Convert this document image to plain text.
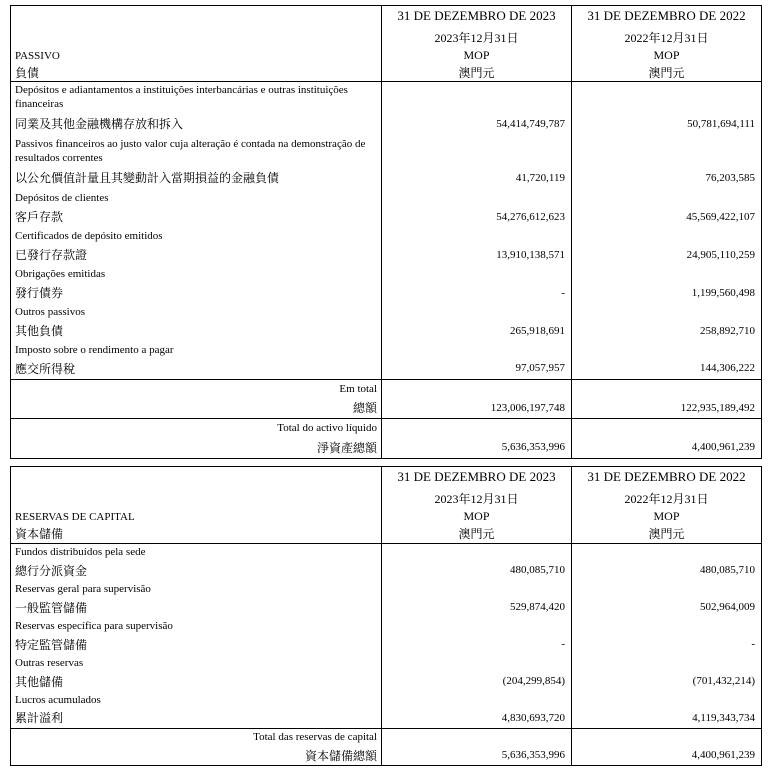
	31 DE DEZEMBRO DE 2023	31 DE DEZEMBRO DE 2022
	2023年12月31日	2022年12月31日
PASSIVO	MOP	MOP
負債	澳門元	澳門元
Depósitos e adiantamentos a instituições interbancárias e outras instituições financeiras		
同業及其他金融機構存放和拆入	54,414,749,787	50,781,694,111
Passivos financeiros ao justo valor cuja alteração é contada na demonstração de resultados correntes		
以公允價值計量且其變動計入當期損益的金融負債	41,720,119	76,203,585
Depósitos de clientes		
客戶存款	54,276,612,623	45,569,422,107
Certificados de depósito emitidos		
已發行存款證	13,910,138,571	24,905,110,259
Obrigações emitidas		
發行債券	-	1,199,560,498
Outros passivos		
其他負債	265,918,691	258,892,710
Imposto sobre o rendimento a pagar		
應交所得稅	97,057,957	144,306,222
Em total		
總額	123,006,197,748	122,935,189,492
Total do activo líquido		
淨資產總額	5,636,353,996	4,400,961,239
	31 DE DEZEMBRO DE 2023	31 DE DEZEMBRO DE 2022
	2023年12月31日	2022年12月31日
RESERVAS DE CAPITAL	MOP	MOP
資本儲備	澳門元	澳門元
Fundos distribuídos pela sede		
總行分派資金	480,085,710	480,085,710
Reservas geral para supervisão		
一般監管儲備	529,874,420	502,964,009
Reservas específica para supervisão		
特定監管儲備	-	-
Outras reservas		
其他儲備	(204,299,854)	(701,432,214)
Lucros acumulados		
累計溢利	4,830,693,720	4,119,343,734
Total das reservas de capital		
資本儲備總額	5,636,353,996	4,400,961,239
